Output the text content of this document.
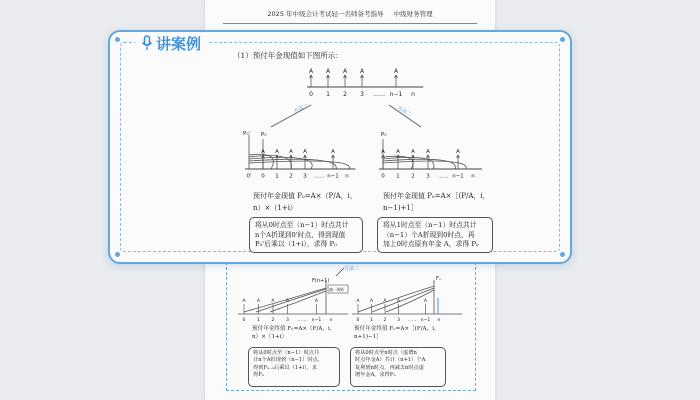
2025 年中级会计考试轻一名师备考指导 中级财务管理
方法二
F(n+1)	Fₙ
减一期A
0
A
1
A
2
A
3
A
…… n−1
A
n	0
A
1
A
2
A
3
A
…… n−1
A
n
预付年金终值 Fₙ=A×（F/A，i，
n）×（1+i）
预付年金终值 Fₙ=A×［(F/A，i，
n+1)−1］
将从0时点至（n−1）时点共
计n个A折现到（n−1）时点，
得到Fₙ₋₁后乘以（1+i），求
得Fₙ
将从0时点至n时点（虚增n
时点年金A）共计（n+1）个A
复利到n时点，再减去n时点虚
增年金A，求得Fₙ
讲案例
（1）预付年金现值如下图所示：
0
A
1
A
2
A
3
A
…… n−1
A
n
方法一	方法二
P₀' P₀
0' 0
A
1
A
2
A
3
A
…… n−1
A
n
P₀
0
A
1
A
2
A
3
A
…… n−1
A
n
预付年金现值 P₀=A×（P/A，i，
n）×（1+i）
预付年金现值 P₀=A×［(P/A，i，
n−1)+1］
将从0时点至（n−1）时点共计
n个A折现到0'时点，得到现值
P₀'后乘以（1+i），求得 P₀
将从1时点至（n−1）时点共计
（n−1）个A折现到0时点，再
加上0时点原有年金 A，求得 P₀
